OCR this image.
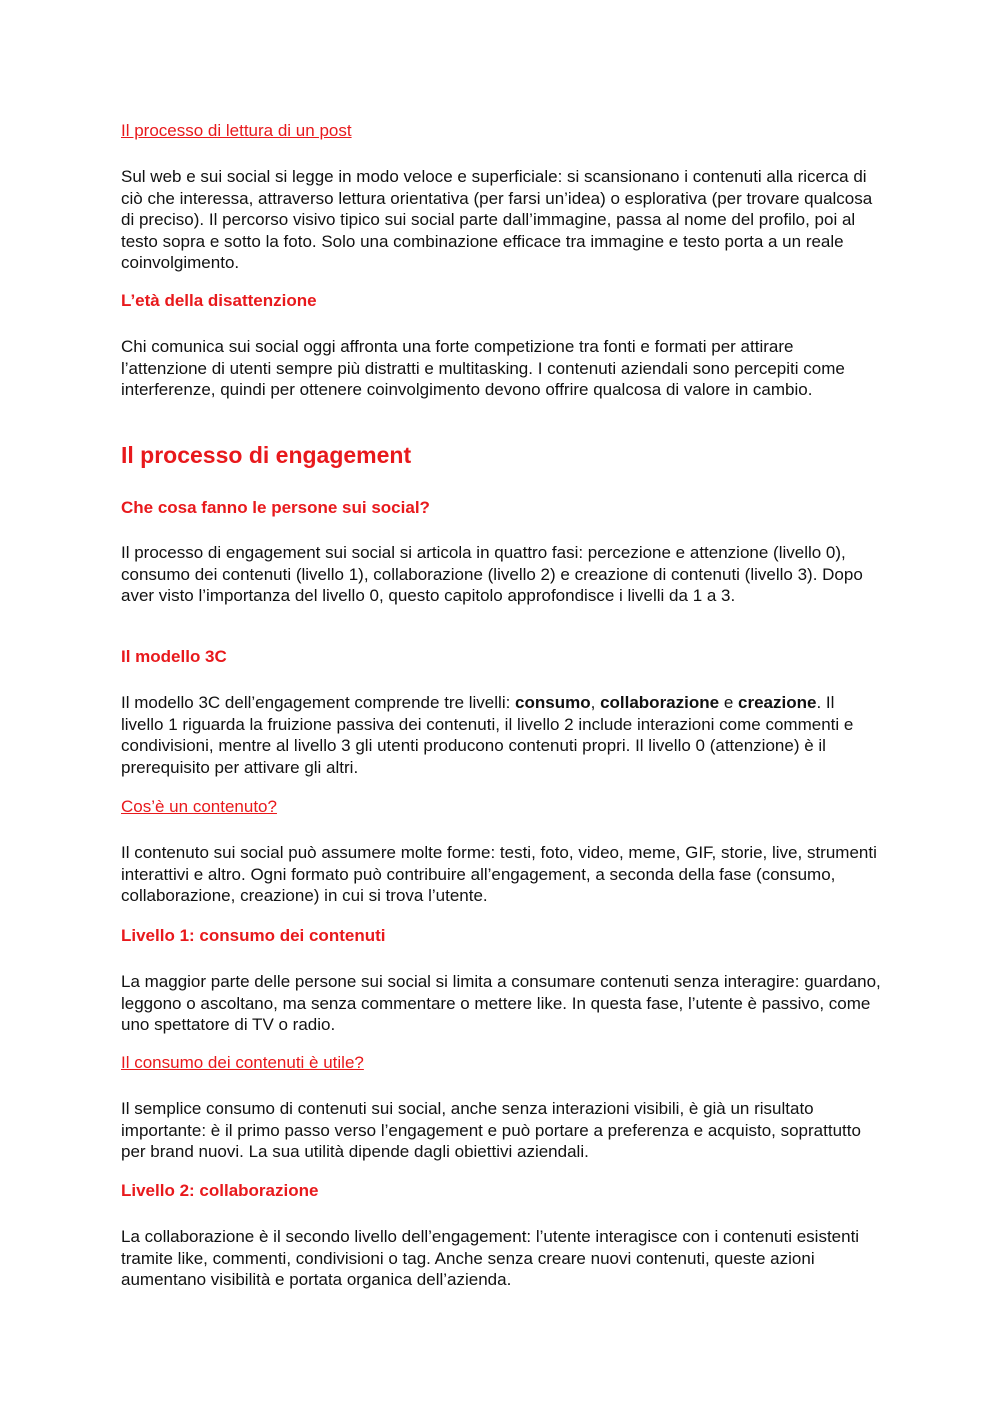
Il processo di lettura di un post

Sul web e sui social si legge in modo veloce e superficiale: si scansionano i contenuti alla ricerca di ciò che interessa, attraverso lettura orientativa (per farsi un’idea) o esplorativa (per trovare qualcosa di preciso). Il percorso visivo tipico sui social parte dall’immagine, passa al nome del profilo, poi al testo sopra e sotto la foto. Solo una combinazione efficace tra immagine e testo porta a un reale coinvolgimento.

L’età della disattenzione

Chi comunica sui social oggi affronta una forte competizione tra fonti e formati per attirare l’attenzione di utenti sempre più distratti e multitasking. I contenuti aziendali sono percepiti come interferenze, quindi per ottenere coinvolgimento devono offrire qualcosa di valore in cambio.

Il processo di engagement
Che cosa fanno le persone sui social?

Il processo di engagement sui social si articola in quattro fasi: percezione e attenzione (livello 0), consumo dei contenuti (livello 1), collaborazione (livello 2) e creazione di contenuti (livello 3). Dopo aver visto l’importanza del livello 0, questo capitolo approfondisce i livelli da 1 a 3.

Il modello 3C

Il modello 3C dell’engagement comprende tre livelli: consumo, collaborazione e creazione. Il livello 1 riguarda la fruizione passiva dei contenuti, il livello 2 include interazioni come commenti e condivisioni, mentre al livello 3 gli utenti producono contenuti propri. Il livello 0 (attenzione) è il prerequisito per attivare gli altri.

Cos’è un contenuto?

Il contenuto sui social può assumere molte forme: testi, foto, video, meme, GIF, storie, live, strumenti interattivi e altro. Ogni formato può contribuire all’engagement, a seconda della fase (consumo, collaborazione, creazione) in cui si trova l’utente.

Livello 1: consumo dei contenuti

La maggior parte delle persone sui social si limita a consumare contenuti senza interagire: guardano, leggono o ascoltano, ma senza commentare o mettere like. In questa fase, l’utente è passivo, come uno spettatore di TV o radio.

Il consumo dei contenuti è utile?

Il semplice consumo di contenuti sui social, anche senza interazioni visibili, è già un risultato importante: è il primo passo verso l’engagement e può portare a preferenza e acquisto, soprattutto per brand nuovi. La sua utilità dipende dagli obiettivi aziendali.

Livello 2: collaborazione

La collaborazione è il secondo livello dell’engagement: l’utente interagisce con i contenuti esistenti tramite like, commenti, condivisioni o tag. Anche senza creare nuovi contenuti, queste azioni aumentano visibilità e portata organica dell’azienda.
